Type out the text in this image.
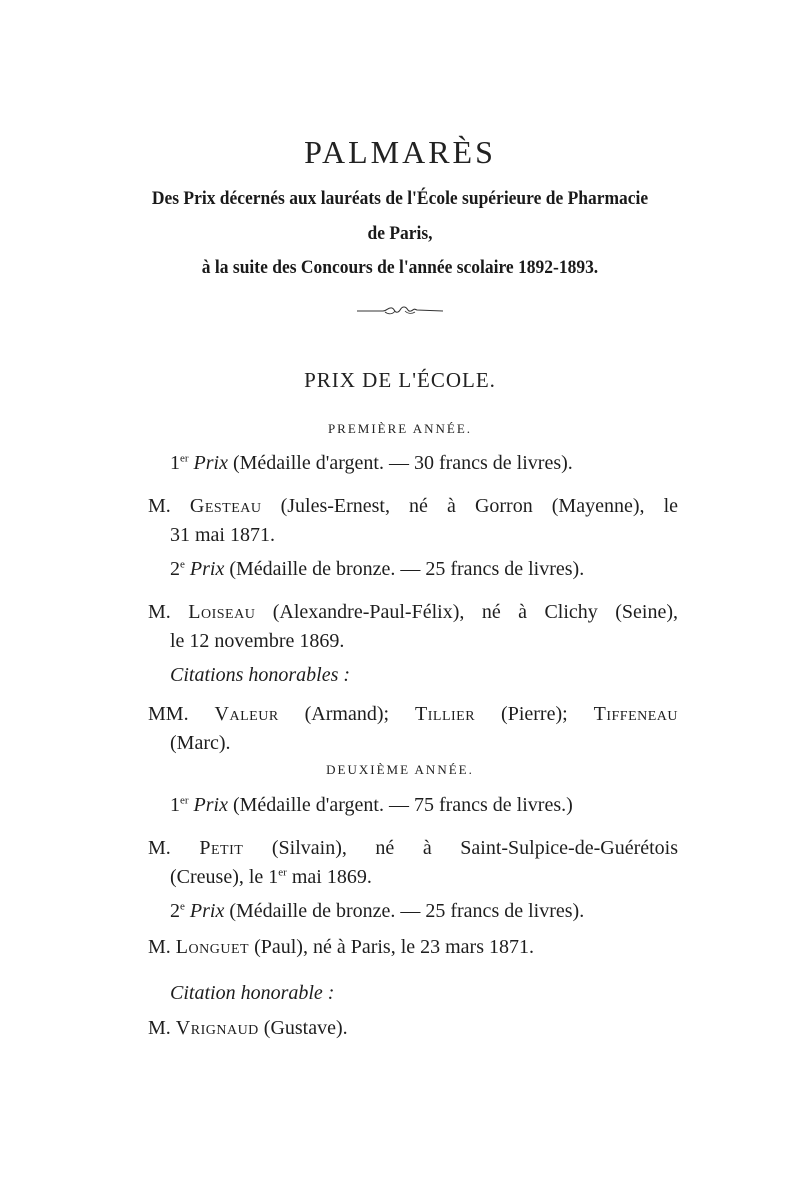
PALMARÈS
Des Prix décernés aux lauréats de l'École supérieure de Pharmacie
de Paris,
à la suite des Concours de l'année scolaire 1892-1893.
PRIX DE L'ÉCOLE.
PREMIÈRE ANNÉE.
1er Prix (Médaille d'argent. — 30 francs de livres).
M. Gesteau (Jules-Ernest, né à Gorron (Mayenne), le
31 mai 1871.
2e Prix (Médaille de bronze. — 25 francs de livres).
M. Loiseau (Alexandre-Paul-Félix), né à Clichy (Seine),
le 12 novembre 1869.
Citations honorables :
MM. Valeur (Armand); Tillier (Pierre); Tiffeneau
(Marc).
DEUXIÈME ANNÉE.
1er Prix (Médaille d'argent. — 75 francs de livres.)
M. Petit (Silvain), né à Saint-Sulpice-de-Guérétois
(Creuse), le 1er mai 1869.
2e Prix (Médaille de bronze. — 25 francs de livres).
M. Longuet (Paul), né à Paris, le 23 mars 1871.
Citation honorable :
M. Vrignaud (Gustave).
